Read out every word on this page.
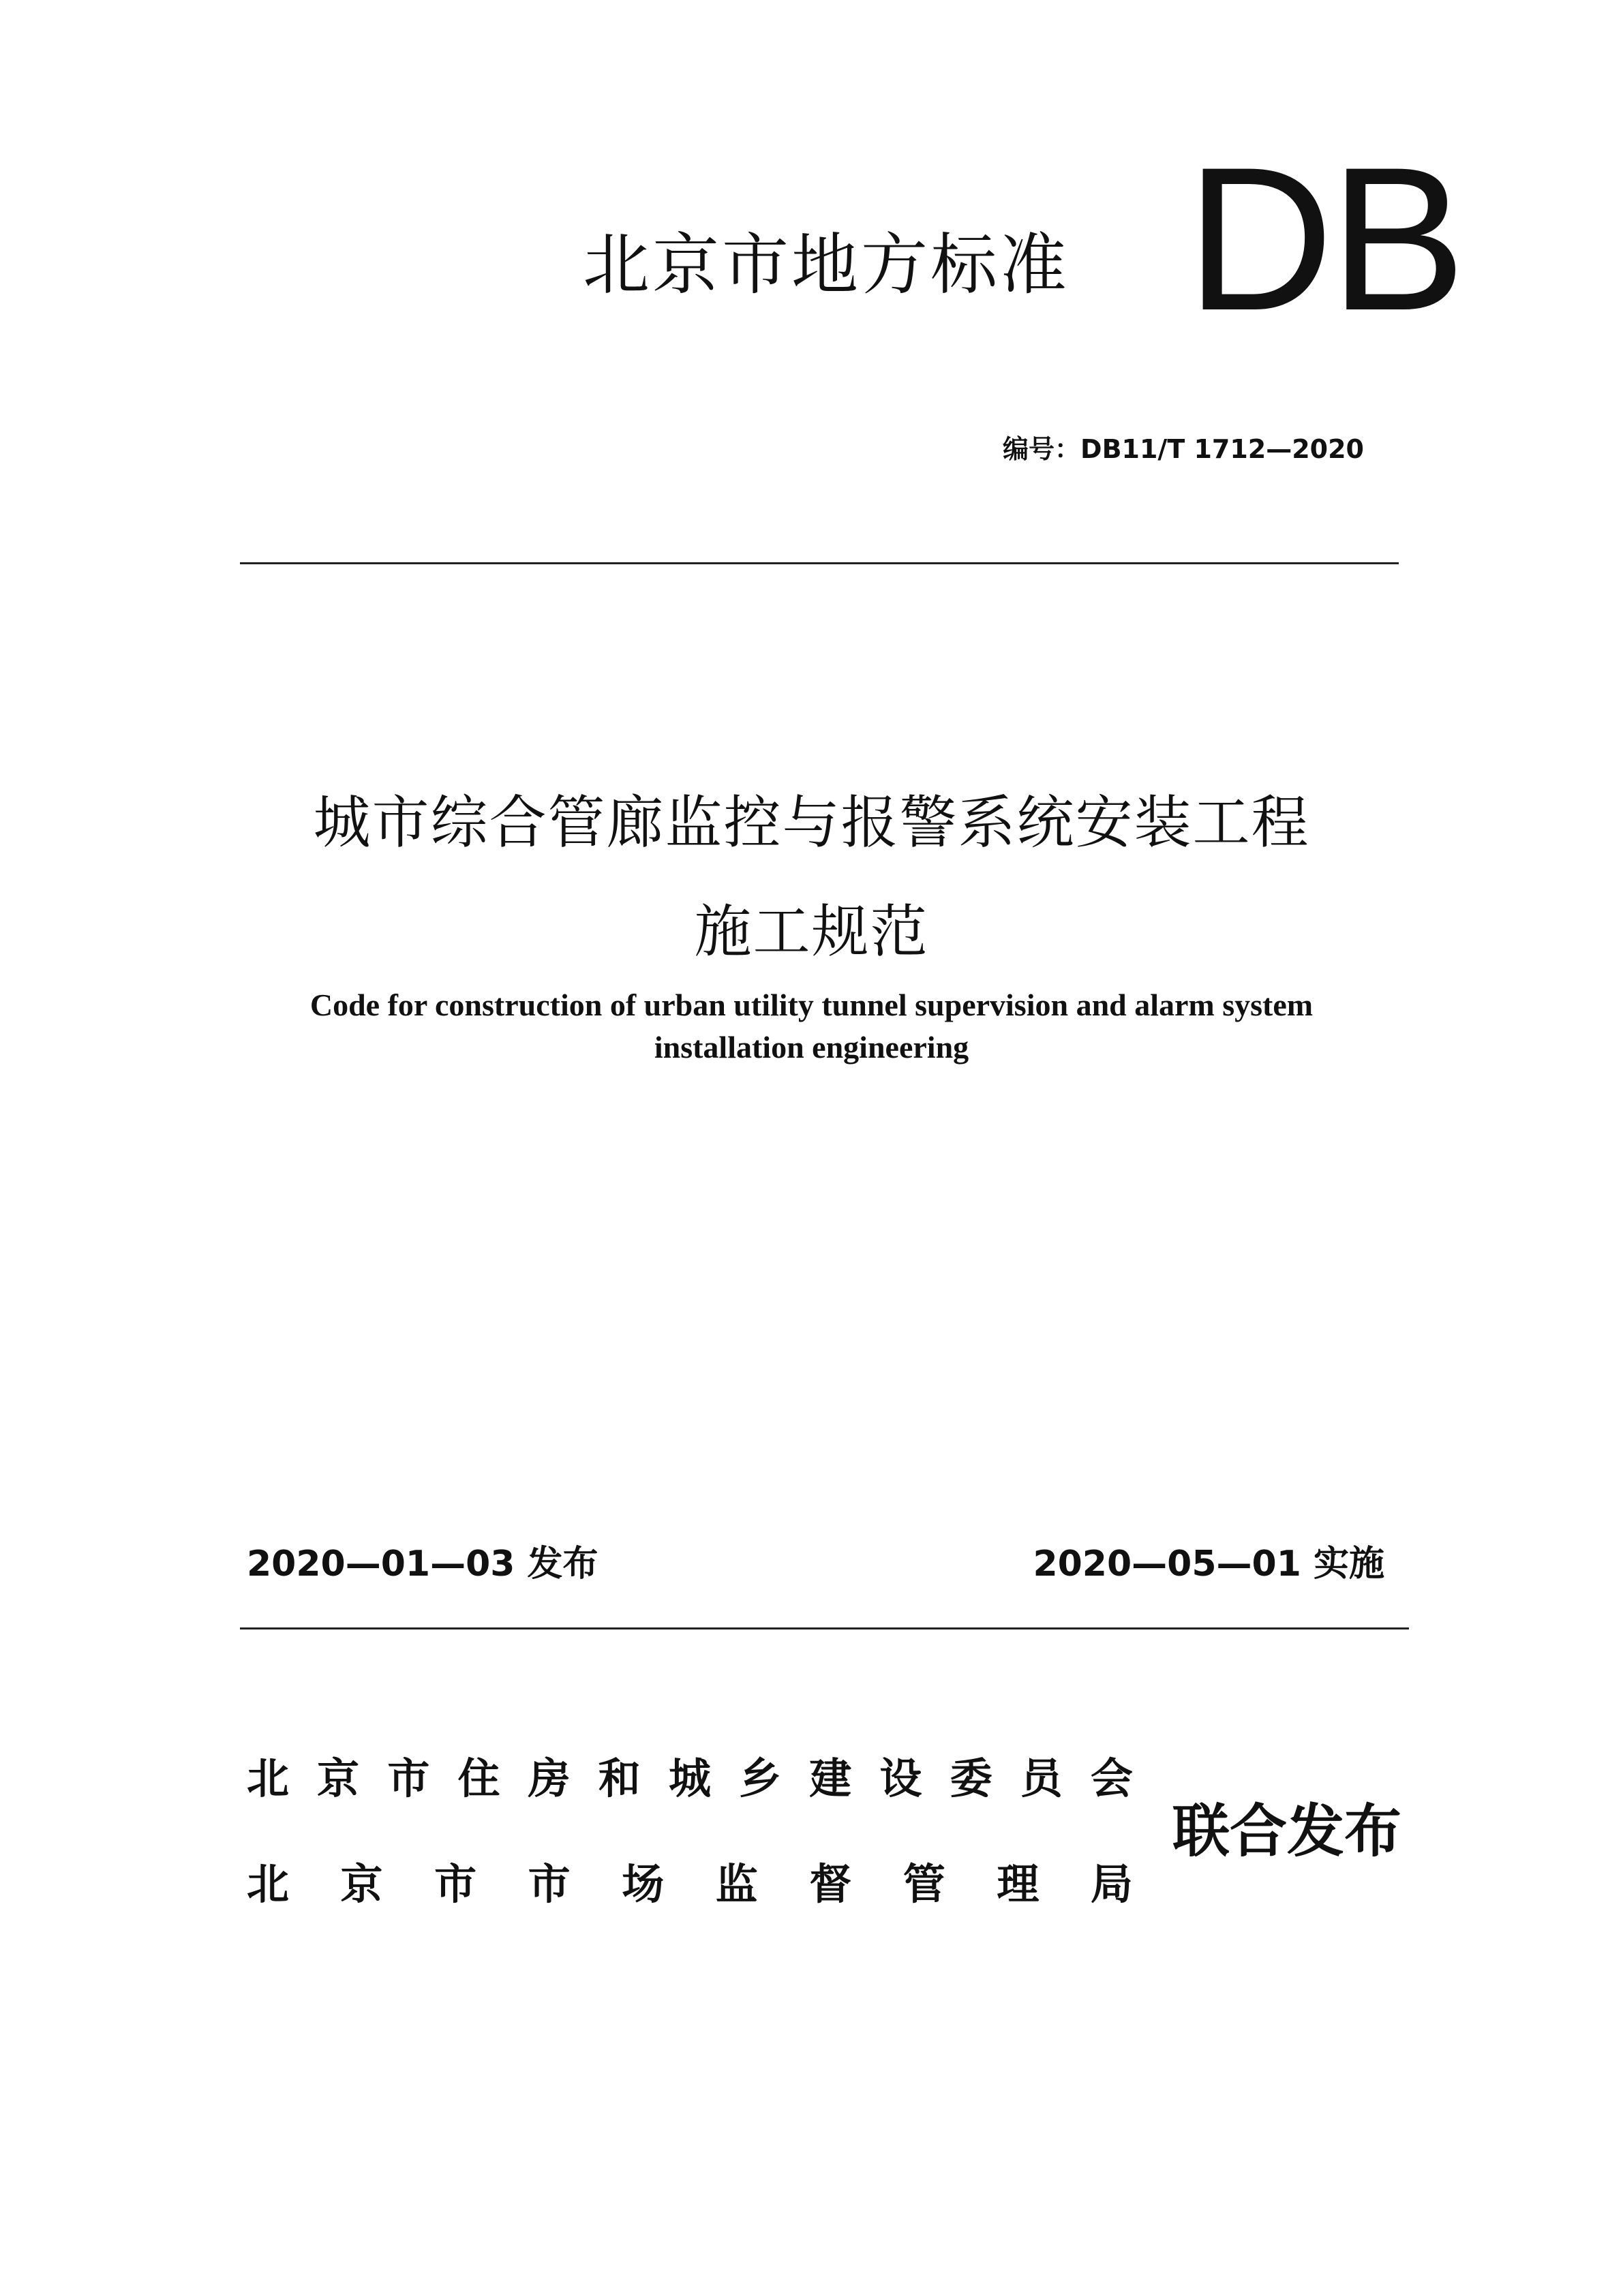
北京市地方标准 DB
编号：DB11/T 1712—2020
城市综合管廊监控与报警系统安装工程
施工规范
Code for construction of urban utility tunnel supervision and alarm system
installation engineering
2020—01—03 发布	2020—05—01 实施
北 京 市 住 房 和 城 乡 建 设 委 员 会
北 京 市 市 场 监 督 管 理 局
联合发布
